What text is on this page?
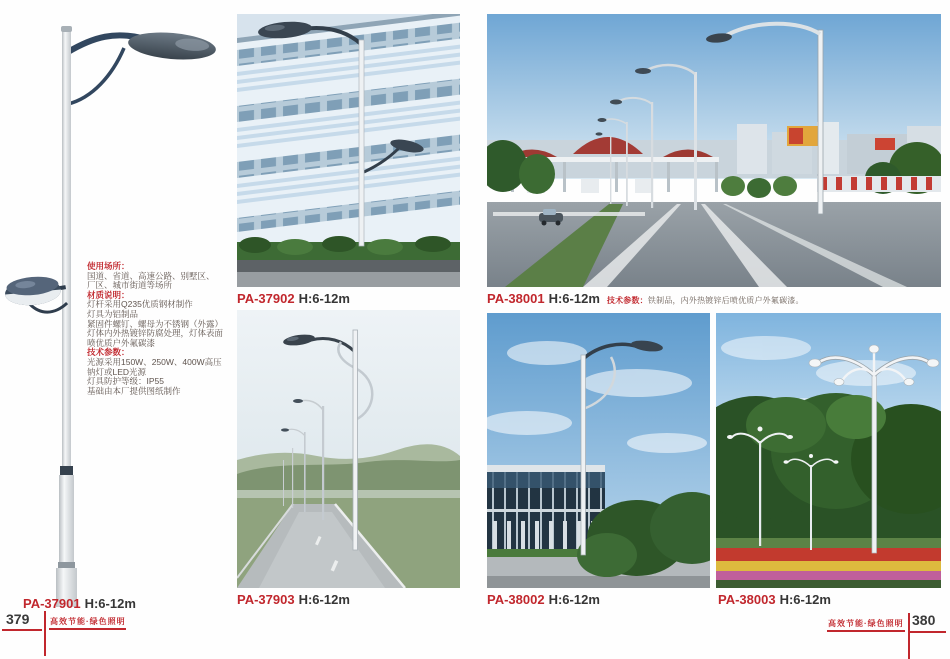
使用场所：
国道、省道、高速公路、别墅区、
厂区、城市街道等场所
材质说明：
灯杆采用Q235优质钢材制作
灯具为铝制品
紧固件螺钉、螺母为不锈钢（外露）
灯体内外热镀锌防腐处理，灯体表面
喷优质户外氟碳漆
技术参数：
光源采用150W、250W、400W高压
钠灯或LED光源
灯具防护等级：IP55
基础由本厂提供图纸制作
PA-37901 H:6-12m
PA-37902 H:6-12m	PA-38001 H:6-12m 技术参数：铁制品，内外热镀锌后喷优质户外氟碳漆。
PA-37903 H:6-12m	PA-38002 H:6-12m	PA-38003 H:6-12m
379	高效节能·绿色照明	高效节能·绿色照明 380
